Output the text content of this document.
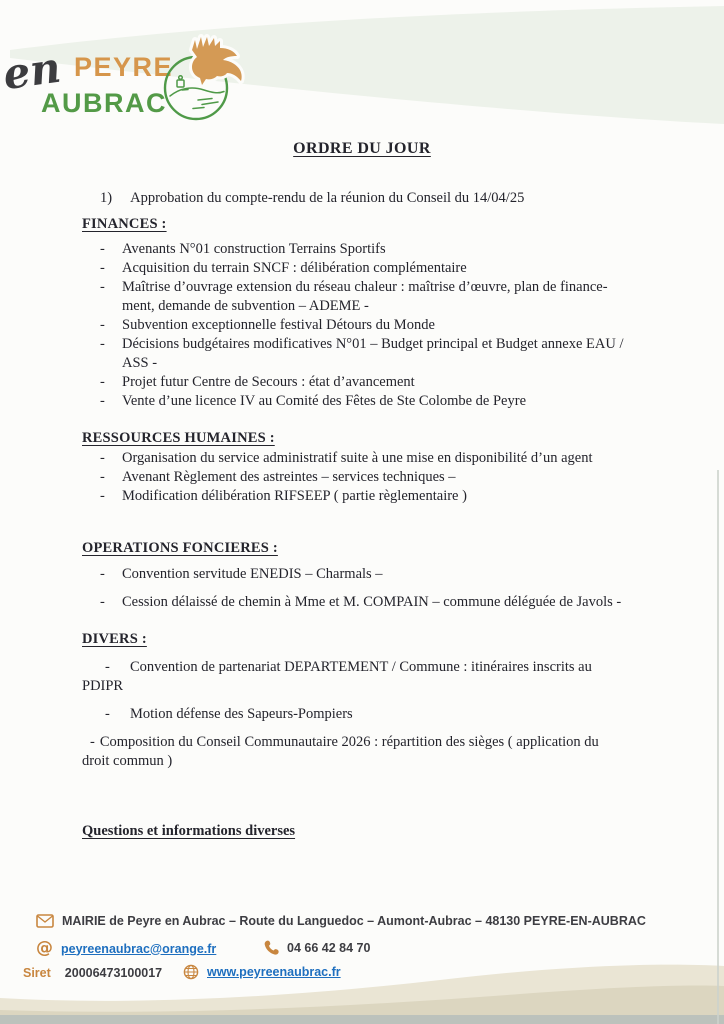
PEYRE
AUBRAC
en
ORDRE DU JOUR
1) Approbation du compte-rendu de la réunion du Conseil du 14/04/25
FINANCES :
- Avenants N°01 construction Terrains Sportifs
- Acquisition du terrain SNCF : délibération complémentaire
- Maîtrise d’ouvrage extension du réseau chaleur : maîtrise d’œuvre, plan de finance-
ment, demande de subvention – ADEME -
- Subvention exceptionnelle festival Détours du Monde
- Décisions budgétaires modificatives N°01 – Budget principal et Budget annexe EAU /
ASS -
- Projet futur Centre de Secours : état d’avancement
- Vente d’une licence IV au Comité des Fêtes de Ste Colombe de Peyre
RESSOURCES HUMAINES :
- Organisation du service administratif suite à une mise en disponibilité d’un agent
- Avenant Règlement des astreintes – services techniques –
- Modification délibération RIFSEEP ( partie règlementaire )
OPERATIONS FONCIERES :
- Convention servitude ENEDIS – Charmals –
- Cession délaissé de chemin à Mme et M. COMPAIN – commune déléguée de Javols -
DIVERS :
- Convention de partenariat DEPARTEMENT / Commune : itinéraires inscrits au
PDIPR
- Motion défense des Sapeurs-Pompiers
- Composition du Conseil Communautaire 2026 : répartition des sièges ( application du
droit commun )
Questions et informations diverses
MAIRIE de Peyre en Aubrac – Route du Languedoc – Aumont-Aubrac – 48130 PEYRE-EN-AUBRAC
@ peyreenaubrac@orange.fr	04 66 42 84 70
Siret 20006473100017	www.peyreenaubrac.fr
